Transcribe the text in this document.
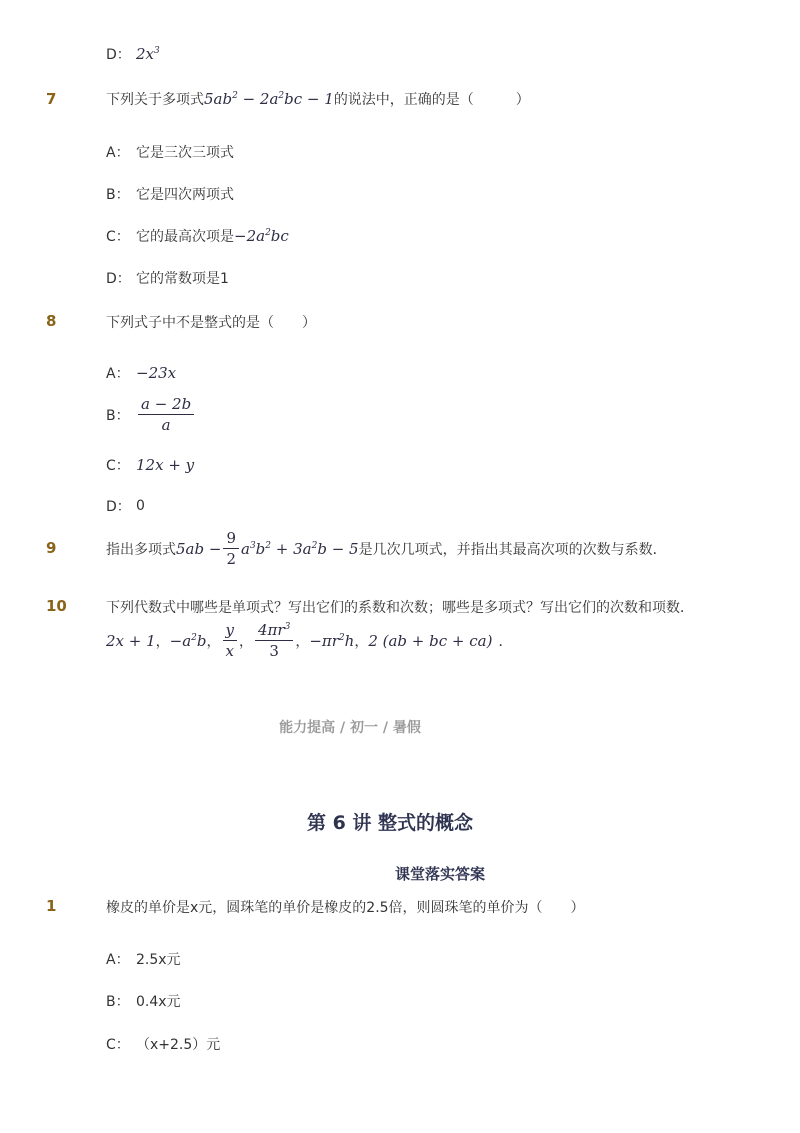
D： $2x^3$
7	下列关于多项式$5ab^2 - 2a^2bc - 1$的说法中，正确的是（　　　）
A： 它是三次三项式
B： 它是四次两项式
C： 它的最高次项是 $-2a^2bc$
D： 它的常数项是1
8	下列式子中不是整式的是（　　）
A： −23x
B： $\frac{a - 2b}{a}$
C： 12x + y
D： 0
9	指出多项式 $5ab - \frac{9}{2} a^3b^2 + 3a^2b - 5$ 是几次几项式，并指出其最高次项的次数与系数．
10	下列代数式中哪些是单项式？写出它们的系数和次数；哪些是多项式？写出它们的次数和项数．
2x + 1 ， $-a^2b$ ， $\frac{y}{x}$ ， $\frac{4\pi r^3}{3}$ ， $-\pi r^2h$ ， 2 (ab + bc + ca) ．
能力提高 / 初一 / 暑假
第 6 讲 整式的概念
课堂落实答案
1	橡皮的单价是x元，圆珠笔的单价是橡皮的2.5倍，则圆珠笔的单价为（　　）
A： 2.5x元
B： 0.4x元
C： （x+2.5）元
